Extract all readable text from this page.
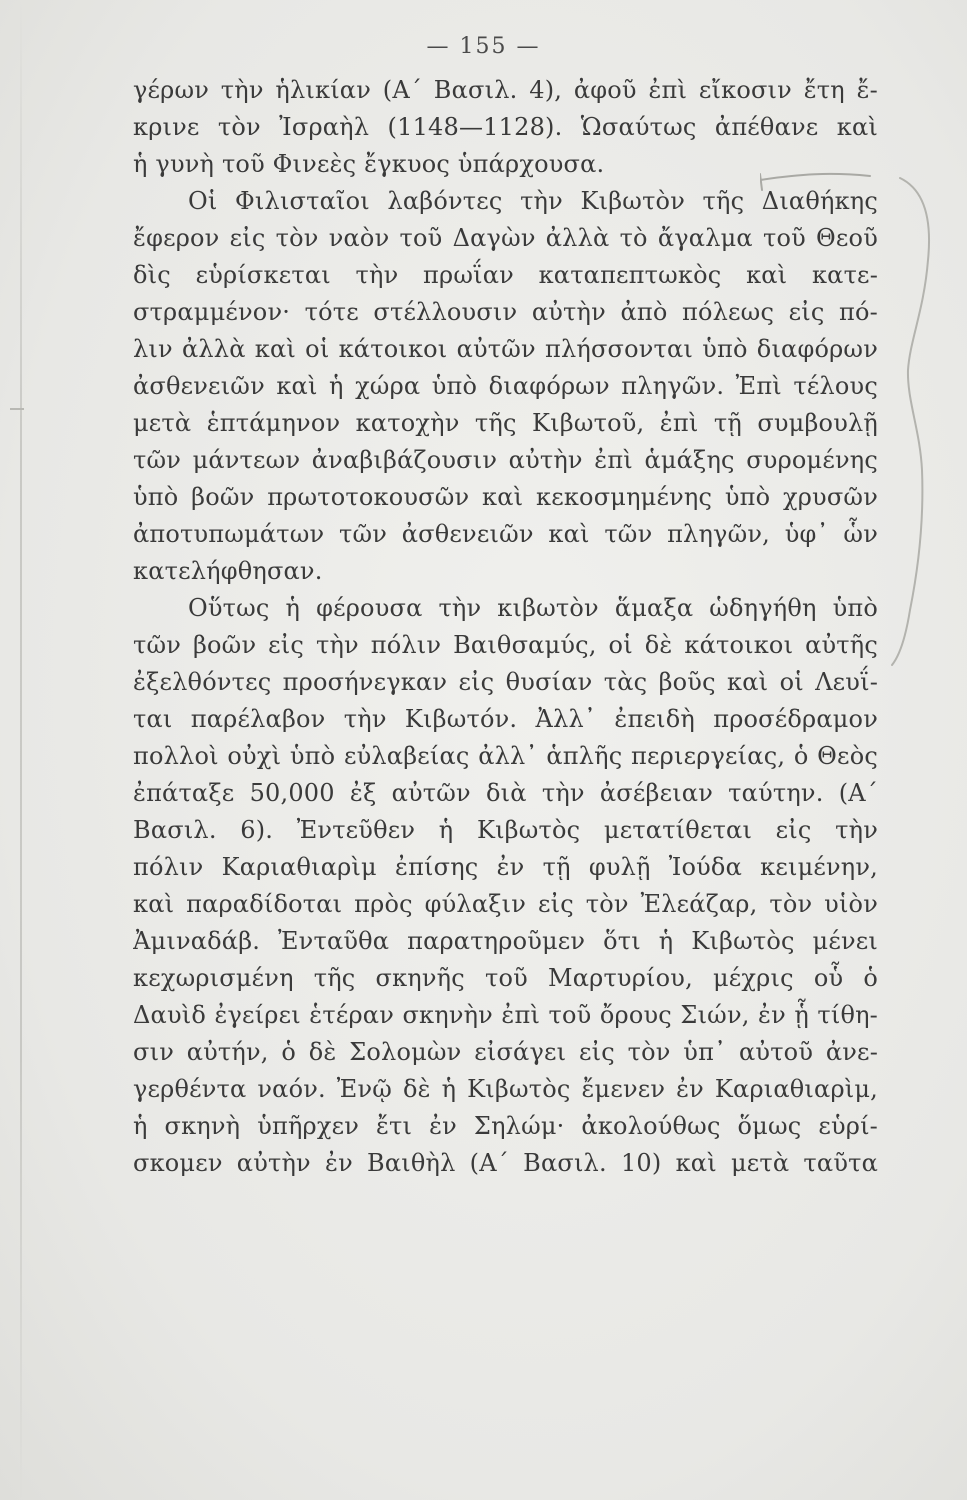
— 155 —
γέρων τὴν ἡλικίαν (Α´ Βασιλ. 4), ἀφοῦ ἐπὶ εἴκοσιν ἔτη ἔ-
κρινε τὸν Ἰσραὴλ (1148—1128). Ὡσαύτως ἀπέθανε καὶ
ἡ γυνὴ τοῦ Φινεὲς ἔγκυος ὑπάρχουσα.
Οἱ Φιλισταῖοι λαβόντες τὴν Κιβωτὸν τῆς Διαθήκης
ἔφερον εἰς τὸν ναὸν τοῦ Δαγὼν ἀλλὰ τὸ ἄγαλμα τοῦ Θεοῦ
δὶς εὑρίσκεται τὴν πρωΐαν καταπεπτωκὸς καὶ κατε-
στραμμένον· τότε στέλλουσιν αὐτὴν ἀπὸ πόλεως εἰς πό-
λιν ἀλλὰ καὶ οἱ κάτοικοι αὐτῶν πλήσσονται ὑπὸ διαφόρων
ἀσθενειῶν καὶ ἡ χώρα ὑπὸ διαφόρων πληγῶν. Ἐπὶ τέλους
μετὰ ἑπτάμηνον κατοχὴν τῆς Κιβωτοῦ, ἐπὶ τῇ συμβουλῇ
τῶν μάντεων ἀναβιβάζουσιν αὐτὴν ἐπὶ ἁμάξης συρομένης
ὑπὸ βοῶν πρωτοτοκουσῶν καὶ κεκοσμημένης ὑπὸ χρυσῶν
ἀποτυπωμάτων τῶν ἀσθενειῶν καὶ τῶν πληγῶν, ὑφ᾽ ὧν
κατελήφθησαν.
Οὕτως ἡ φέρουσα τὴν κιβωτὸν ἅμαξα ὡδηγήθη ὑπὸ
τῶν βοῶν εἰς τὴν πόλιν Βαιθσαμύς, οἱ δὲ κάτοικοι αὐτῆς
ἐξελθόντες προσήνεγκαν εἰς θυσίαν τὰς βοῦς καὶ οἱ Λευΐ-
ται παρέλαβον τὴν Κιβωτόν. Ἀλλ᾽ ἐπειδὴ προσέδραμον
πολλοὶ οὐχὶ ὑπὸ εὐλαβείας ἀλλ᾽ ἁπλῆς περιεργείας, ὁ Θεὸς
ἐπάταξε 50,000 ἐξ αὐτῶν διὰ τὴν ἀσέβειαν ταύτην. (Α´
Βασιλ. 6). Ἐντεῦθεν ἡ Κιβωτὸς μετατίθεται εἰς τὴν
πόλιν Καριαθιαρὶμ ἐπίσης ἐν τῇ φυλῇ Ἰούδα κειμένην,
καὶ παραδίδοται πρὸς φύλαξιν εἰς τὸν Ἐλεάζαρ, τὸν υἱὸν
Ἀμιναδάβ. Ἐνταῦθα παρατηροῦμεν ὅτι ἡ Κιβωτὸς μένει
κεχωρισμένη τῆς σκηνῆς τοῦ Μαρτυρίου, μέχρις οὗ ὁ
Δαυὶδ ἐγείρει ἑτέραν σκηνὴν ἐπὶ τοῦ ὄρους Σιών, ἐν ᾗ τίθη-
σιν αὐτήν, ὁ δὲ Σολομὼν εἰσάγει εἰς τὸν ὑπ᾽ αὐτοῦ ἀνε-
γερθέντα ναόν. Ἐνῷ δὲ ἡ Κιβωτὸς ἔμενεν ἐν Καριαθιαρὶμ,
ἡ σκηνὴ ὑπῆρχεν ἔτι ἐν Σηλώμ· ἀκολούθως ὅμως εὑρί-
σκομεν αὐτὴν ἐν Βαιθὴλ (Α´ Βασιλ. 10) καὶ μετὰ ταῦτα
